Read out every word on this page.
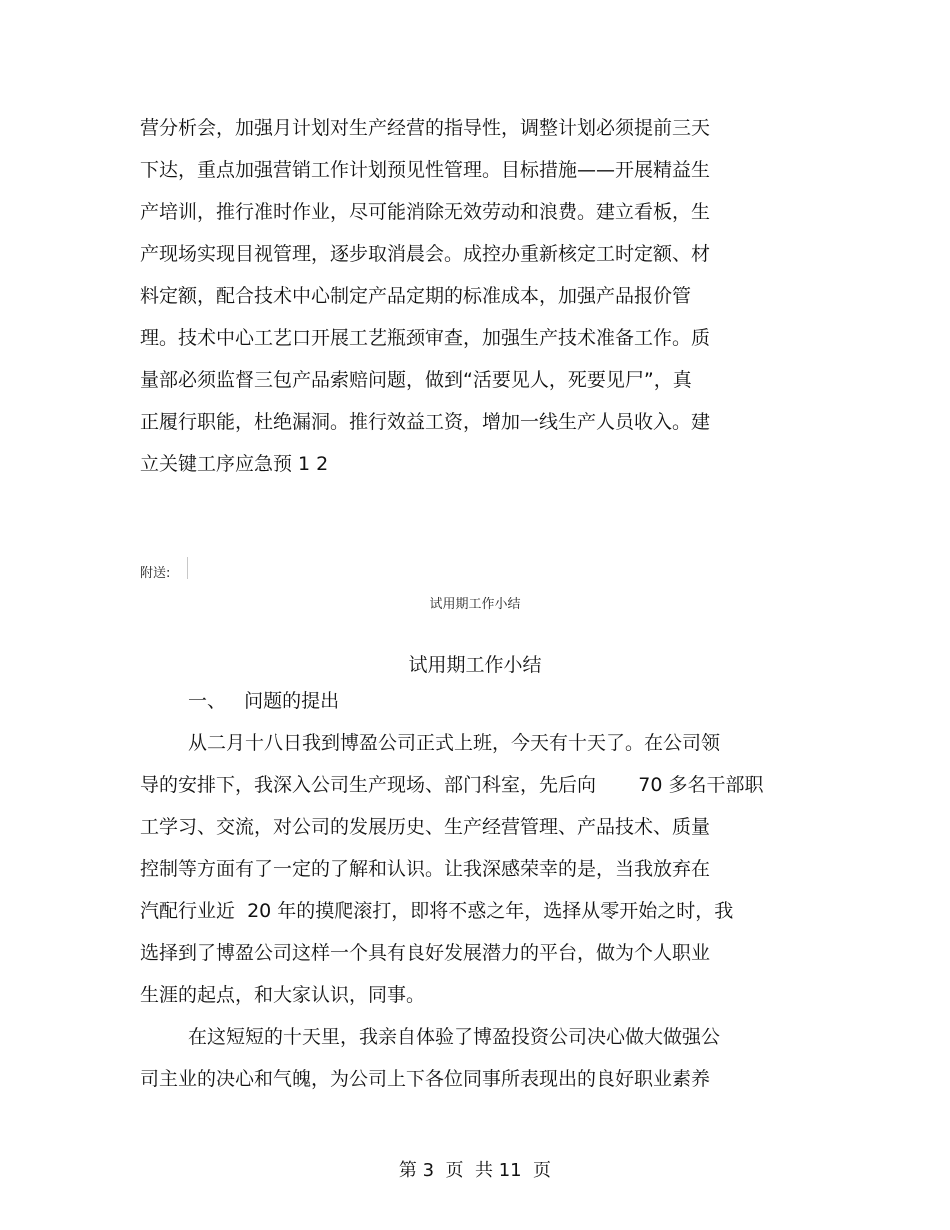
营分析会，加强月计划对生产经营的指导性，调整计划必须提前三天
下达，重点加强营销工作计划预见性管理。目标措施——开展精益生
产培训，推行准时作业，尽可能消除无效劳动和浪费。建立看板，生
产现场实现目视管理，逐步取消晨会。成控办重新核定工时定额、材
料定额，配合技术中心制定产品定期的标准成本，加强产品报价管
理。技术中心工艺口开展工艺瓶颈审查，加强生产技术准备工作。质
量部必须监督三包产品索赔问题，做到“活要见人，死要见尸”，真
正履行职能，杜绝漏洞。推行效益工资，增加一线生产人员收入。建
立关键工序应急预 1 2
附送:
试用期工作小结
试用期工作小结
一、   问题的提出
从二月十八日我到博盈公司正式上班，今天有十天了。在公司领
导的安排下，我深入公司生产现场、部门科室，先后向       70 多名干部职
工学习、交流，对公司的发展历史、生产经营管理、产品技术、质量
控制等方面有了一定的了解和认识。让我深感荣幸的是，当我放弃在
汽配行业近  20 年的摸爬滚打，即将不惑之年，选择从零开始之时，我
选择到了博盈公司这样一个具有良好发展潜力的平台，做为个人职业
生涯的起点，和大家认识，同事。
在这短短的十天里，我亲自体验了博盈投资公司决心做大做强公
司主业的决心和气魄，为公司上下各位同事所表现出的良好职业素养
第 3  页  共 11  页
